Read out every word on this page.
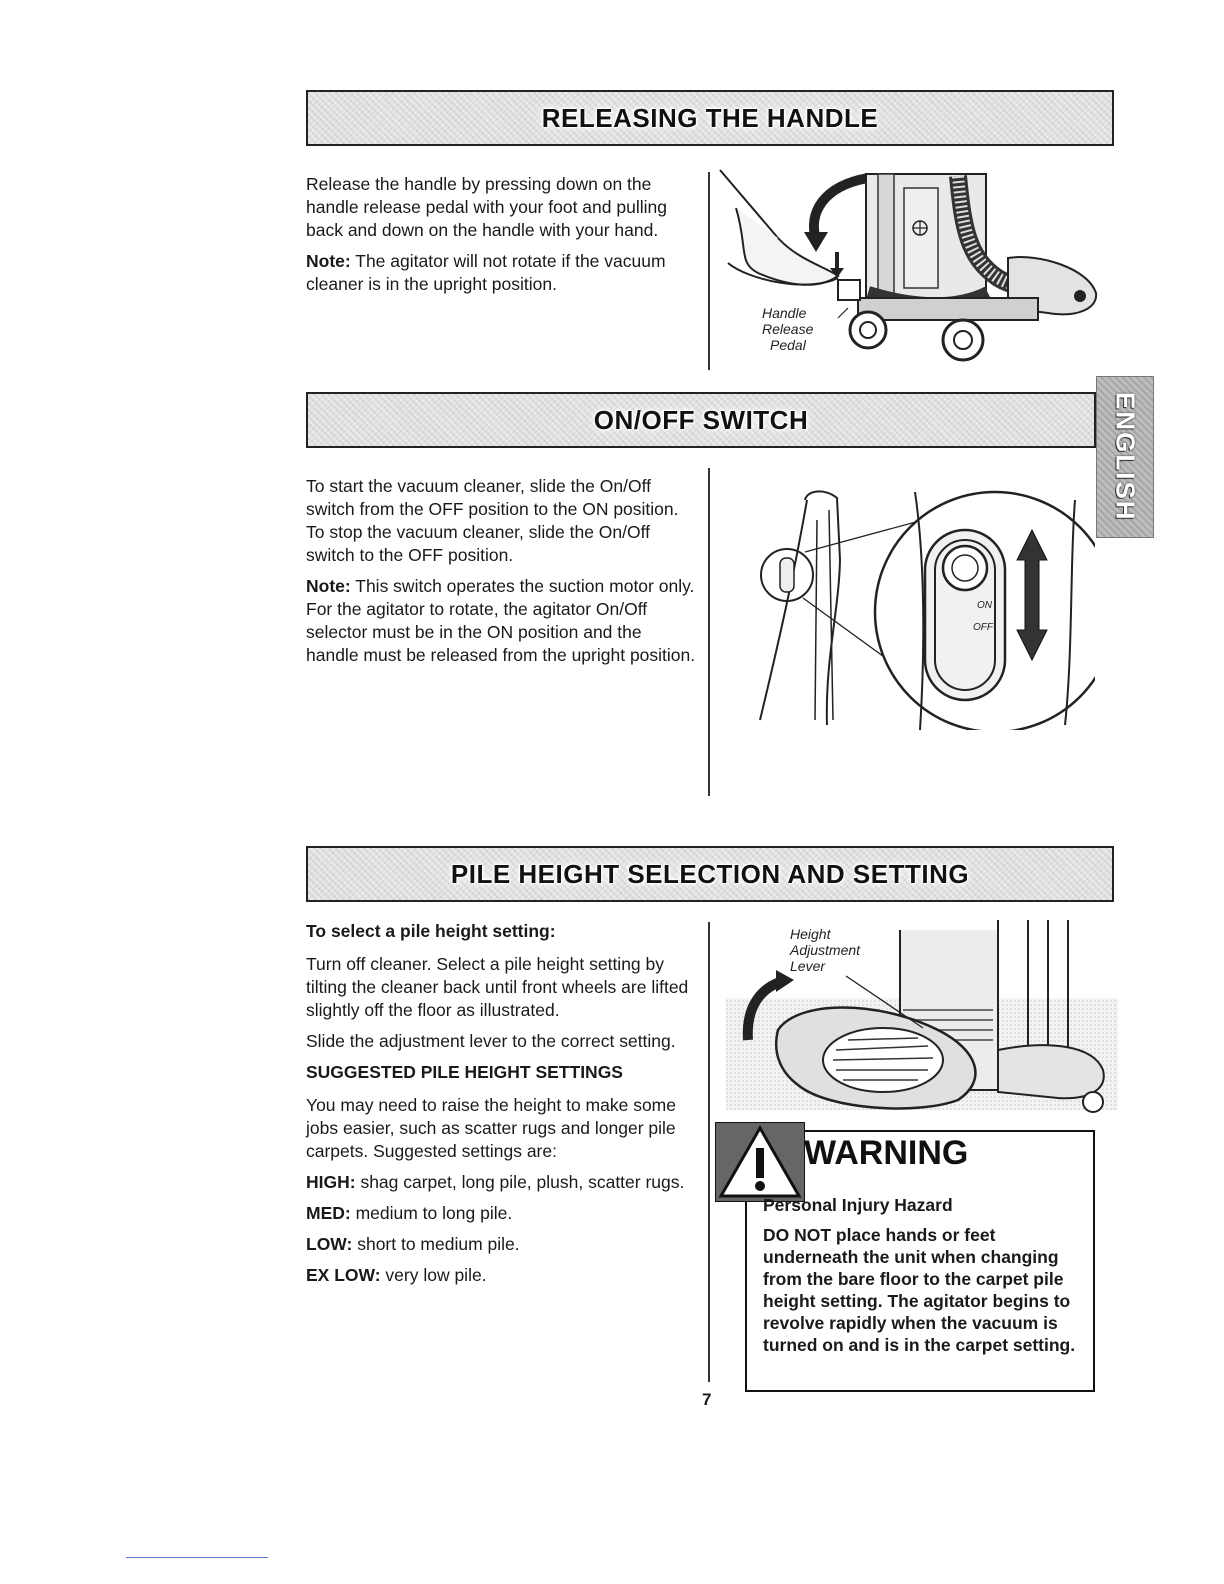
RELEASING THE HANDLE

Release the handle by pressing down on the handle release pedal with your foot and pulling back and down on the handle with your hand.

Note: The agitator will not rotate if the vacuum cleaner is in the upright position.

Handle
Release
Pedal
ON/OFF SWITCH	ENGLISH

To start the vacuum cleaner, slide the On/Off switch from the OFF position to the ON position. To stop the vacuum cleaner, slide the On/Off switch to the OFF position.

Note: This switch operates the suction motor only. For the agitator to rotate, the agitator On/Off selector must be in the ON position and the handle must be released from the upright position.

ON
OFF
PILE HEIGHT SELECTION AND SETTING

To select a pile height setting:

Turn off cleaner. Select a pile height setting by tilting the cleaner back until front wheels are lifted slightly off the floor as illustrated.

Slide the adjustment lever to the correct setting.

SUGGESTED PILE HEIGHT SETTINGS

You may need to raise the height to make some jobs easier, such as scatter rugs and longer pile carpets. Suggested settings are:

HIGH: shag carpet, long pile, plush, scatter rugs.

MED: medium to long pile.

LOW: short to medium pile.

EX LOW: very low pile.

Height
Adjustment
Lever
WARNING
Personal Injury Hazard
DO NOT place hands or feet underneath the unit when changing from the bare floor to the carpet pile height setting. The agitator begins to revolve rapidly when the vacuum is turned on and is in the carpet setting.
7
